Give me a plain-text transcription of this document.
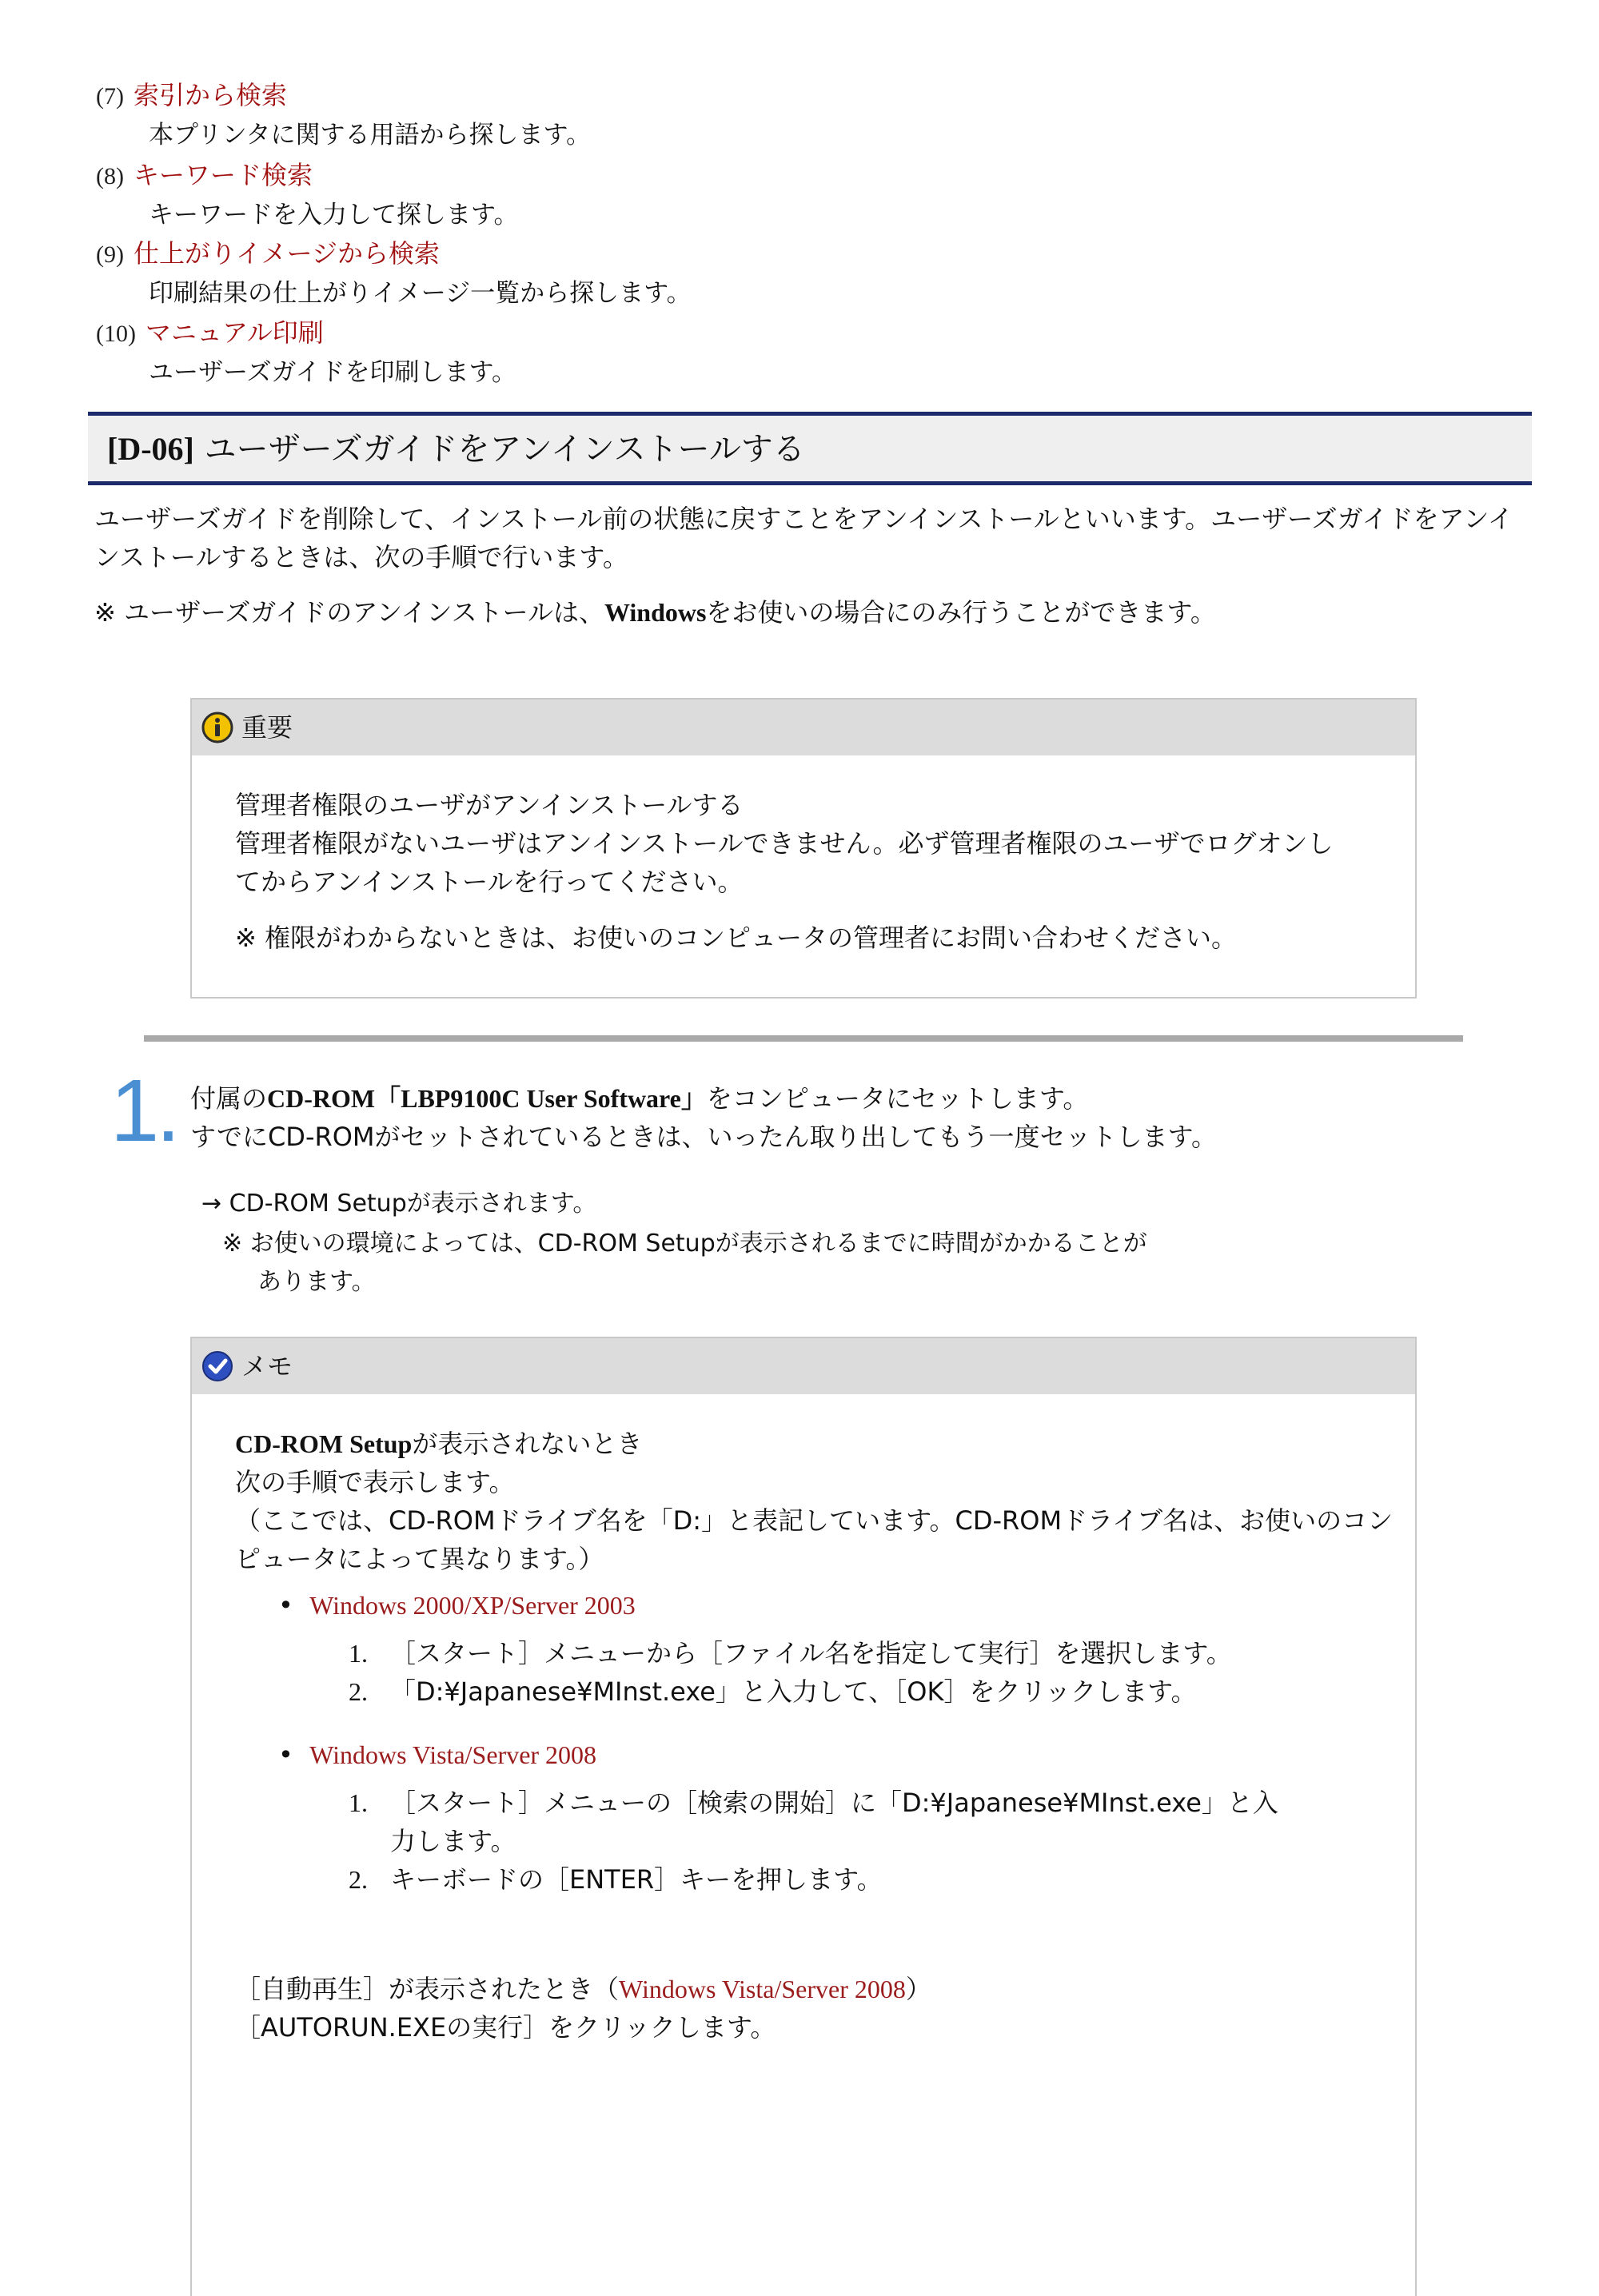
(7) 索引から検索
本プリンタに関する用語から探します。
(8) キーワード検索
キーワードを入力して探します。
(9) 仕上がりイメージから検索
印刷結果の仕上がりイメージ一覧から探します。
(10) マニュアル印刷
ユーザーズガイドを印刷します。
[D-06] ユーザーズガイドをアンインストールする
ユーザーズガイドを削除して、インストール前の状態に戻すことをアンインストールといいます。ユーザーズガイドをアンイ
ンストールするときは、次の手順で行います。
※ ユーザーズガイドのアンインストールは、Windowsをお使いの場合にのみ行うことができます。
重要
管理者権限のユーザがアンインストールする
管理者権限がないユーザはアンインストールできません。必ず管理者権限のユーザでログオンし
てからアンインストールを行ってください。
※ 権限がわからないときは、お使いのコンピュータの管理者にお問い合わせください。
1. 付属のCD-ROM「LBP9100C User Software」をコンピュータにセットします。
すでにCD-ROMがセットされているときは、いったん取り出してもう一度セットします。
→ CD-ROM Setupが表示されます。
※ お使いの環境によっては、CD-ROM Setupが表示されるまでに時間がかかることが
あります。
メモ
CD-ROM Setupが表示されないとき
次の手順で表示します。
（ここでは、CD-ROMドライブ名を「D:」と表記しています。CD-ROMドライブ名は、お使いのコン
ピュータによって異なります。）
• Windows 2000/XP/Server 2003
1. ［スタート］メニューから［ファイル名を指定して実行］を選択します。
2. 「D:¥Japanese¥MInst.exe」と入力して、［OK］をクリックします。
• Windows Vista/Server 2008
1. ［スタート］メニューの［検索の開始］に「D:¥Japanese¥MInst.exe」と入
力します。
2. キーボードの［ENTER］キーを押します。
［自動再生］が表示されたとき（Windows Vista/Server 2008）
［AUTORUN.EXEの実行］をクリックします。
